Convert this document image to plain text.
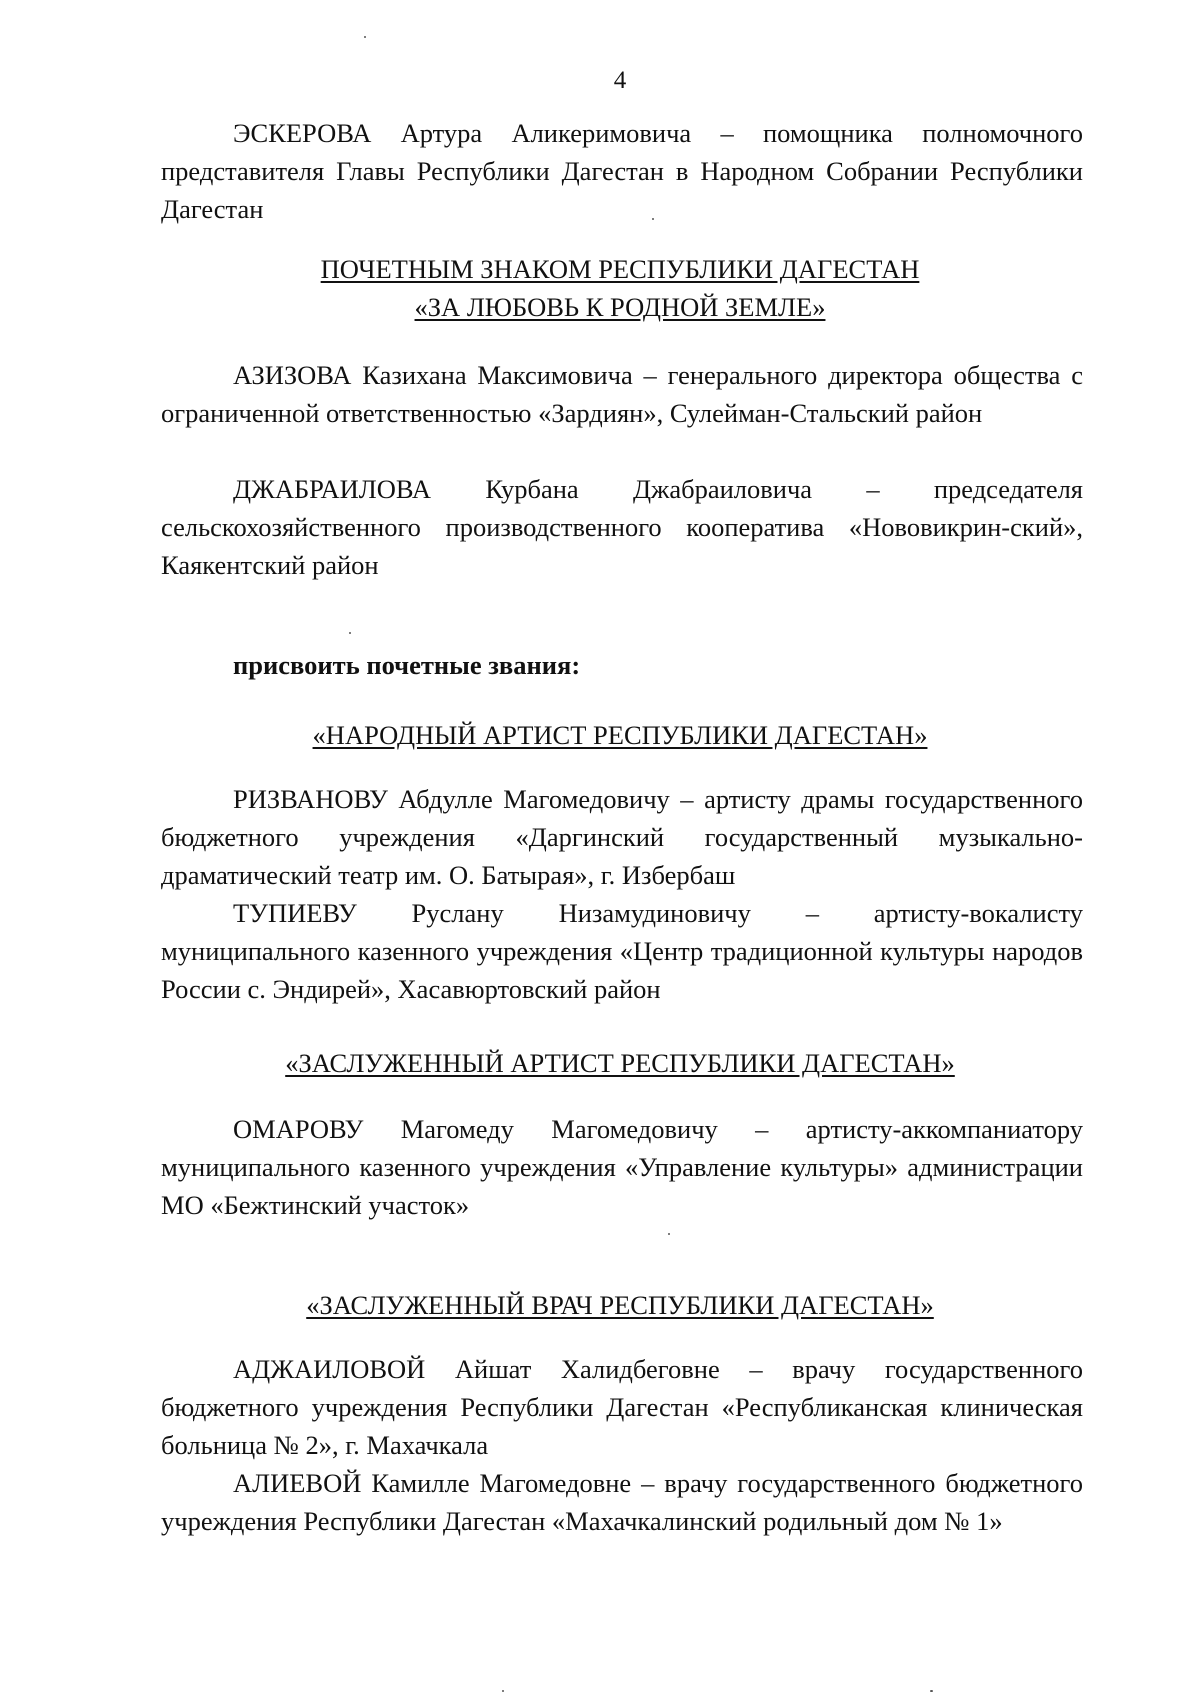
4

ЭСКЕРОВА Артура Аликеримовича – помощника полномочного представителя Главы Республики Дагестан в Народном Собрании Республики Дагестан

ПОЧЕТНЫМ ЗНАКОМ РЕСПУБЛИКИ ДАГЕСТАН
«ЗА ЛЮБОВЬ К РОДНОЙ ЗЕМЛЕ»

АЗИЗОВА Казихана Максимовича – генерального директора общества с ограниченной ответственностью «Зардиян», Сулейман-Стальский район

ДЖАБРАИЛОВА Курбана Джабраиловича – председателя сельскохозяйственного производственного кооператива «Нововикрин-ский», Каякентский район

присвоить почетные звания:

«НАРОДНЫЙ АРТИСТ РЕСПУБЛИКИ ДАГЕСТАН»

РИЗВАНОВУ Абдулле Магомедовичу – артисту драмы государственного бюджетного учреждения «Даргинский государственный музыкально-драматический театр им. О. Батырая», г. Избербаш

ТУПИЕВУ Руслану Низамудиновичу – артисту-вокалисту муниципального казенного учреждения «Центр традиционной культуры народов России с. Эндирей», Хасавюртовский район

«ЗАСЛУЖЕННЫЙ АРТИСТ РЕСПУБЛИКИ ДАГЕСТАН»

ОМАРОВУ Магомеду Магомедовичу – артисту-аккомпаниатору муниципального казенного учреждения «Управление культуры» администрации МО «Бежтинский участок»

«ЗАСЛУЖЕННЫЙ ВРАЧ РЕСПУБЛИКИ ДАГЕСТАН»

АДЖАИЛОВОЙ Айшат Халидбеговне – врачу государственного бюджетного учреждения Республики Дагестан «Республиканская клиническая больница № 2», г. Махачкала

АЛИЕВОЙ Камилле Магомедовне – врачу государственного бюджетного учреждения Республики Дагестан «Махачкалинский родильный дом № 1»
